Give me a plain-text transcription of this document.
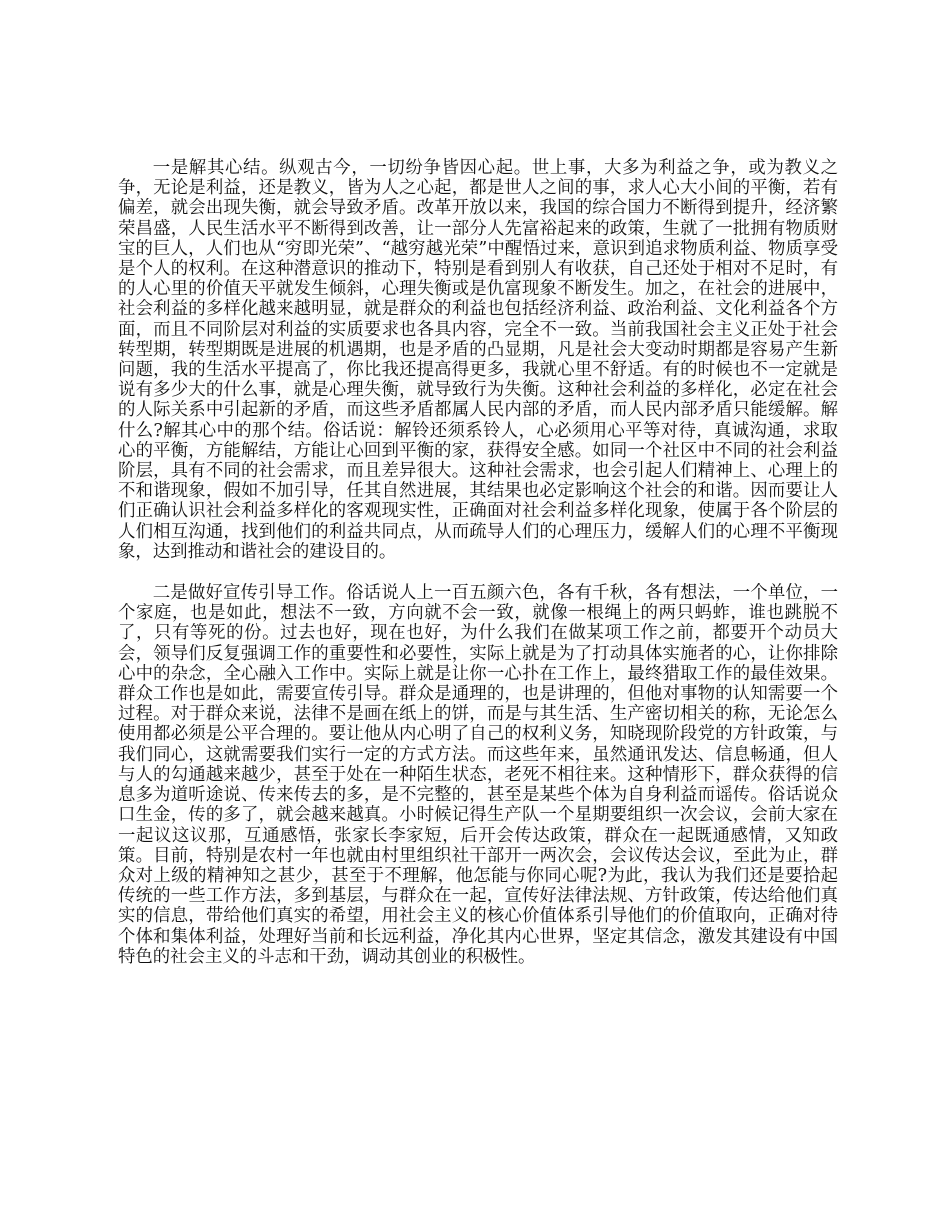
一是解其心结。纵观古今，一切纷争皆因心起。世上事，大多为利益之争，或为教义之争，无论是利益，还是教义，皆为人之心起，都是世人之间的事，求人心大小间的平衡，若有偏差，就会出现失衡，就会导致矛盾。改革开放以来，我国的综合国力不断得到提升，经济繁荣昌盛，人民生活水平不断得到改善，让一部分人先富裕起来的政策，生就了一批拥有物质财宝的巨人，人们也从“穷即光荣”、“越穷越光荣”中醒悟过来，意识到追求物质利益、物质享受是个人的权利。在这种潜意识的推动下，特别是看到别人有收获，自己还处于相对不足时，有的人心里的价值天平就发生倾斜，心理失衡或是仇富现象不断发生。加之，在社会的进展中，社会利益的多样化越来越明显，就是群众的利益也包括经济利益、政治利益、文化利益各个方面，而且不同阶层对利益的实质要求也各具内容，完全不一致。当前我国社会主义正处于社会转型期，转型期既是进展的机遇期，也是矛盾的凸显期，凡是社会大变动时期都是容易产生新问题，我的生活水平提高了，你比我还提高得更多，我就心里不舒适。有的时候也不一定就是说有多少大的什么事，就是心理失衡，就导致行为失衡。这种社会利益的多样化，必定在社会的人际关系中引起新的矛盾，而这些矛盾都属人民内部的矛盾，而人民内部矛盾只能缓解。解什么?解其心中的那个结。俗话说：解铃还须系铃人，心必须用心平等对待，真诚沟通，求取心的平衡，方能解结，方能让心回到平衡的家，获得安全感。如同一个社区中不同的社会利益阶层，具有不同的社会需求，而且差异很大。这种社会需求，也会引起人们精神上、心理上的不和谐现象，假如不加引导，任其自然进展，其结果也必定影响这个社会的和谐。因而要让人们正确认识社会利益多样化的客观现实性，正确面对社会利益多样化现象，使属于各个阶层的人们相互沟通，找到他们的利益共同点，从而疏导人们的心理压力，缓解人们的心理不平衡现象，达到推动和谐社会的建设目的。

二是做好宣传引导工作。俗话说人上一百五颜六色，各有千秋，各有想法，一个单位，一个家庭，也是如此，想法不一致，方向就不会一致，就像一根绳上的两只蚂蚱，谁也跳脱不了，只有等死的份。过去也好，现在也好，为什么我们在做某项工作之前，都要开个动员大会，领导们反复强调工作的重要性和必要性，实际上就是为了打动具体实施者的心，让你排除心中的杂念，全心融入工作中。实际上就是让你一心扑在工作上，最终猎取工作的最佳效果。群众工作也是如此，需要宣传引导。群众是通理的，也是讲理的，但他对事物的认知需要一个过程。对于群众来说，法律不是画在纸上的饼，而是与其生活、生产密切相关的称，无论怎么使用都必须是公平合理的。要让他从内心明了自己的权利义务，知晓现阶段党的方针政策，与我们同心，这就需要我们实行一定的方式方法。而这些年来，虽然通讯发达、信息畅通，但人与人的勾通越来越少，甚至于处在一种陌生状态，老死不相往来。这种情形下，群众获得的信息多为道听途说、传来传去的多，是不完整的，甚至是某些个体为自身利益而谣传。俗话说众口生金，传的多了，就会越来越真。小时候记得生产队一个星期要组织一次会议，会前大家在一起议这议那，互通感悟，张家长李家短，后开会传达政策，群众在一起既通感情，又知政策。目前，特别是农村一年也就由村里组织社干部开一两次会，会议传达会议，至此为止，群众对上级的精神知之甚少，甚至于不理解，他怎能与你同心呢?为此，我认为我们还是要拾起传统的一些工作方法，多到基层，与群众在一起，宣传好法律法规、方针政策，传达给他们真实的信息，带给他们真实的希望，用社会主义的核心价值体系引导他们的价值取向，正确对待个体和集体利益，处理好当前和长远利益，净化其内心世界，坚定其信念，激发其建设有中国特色的社会主义的斗志和干劲，调动其创业的积极性。
